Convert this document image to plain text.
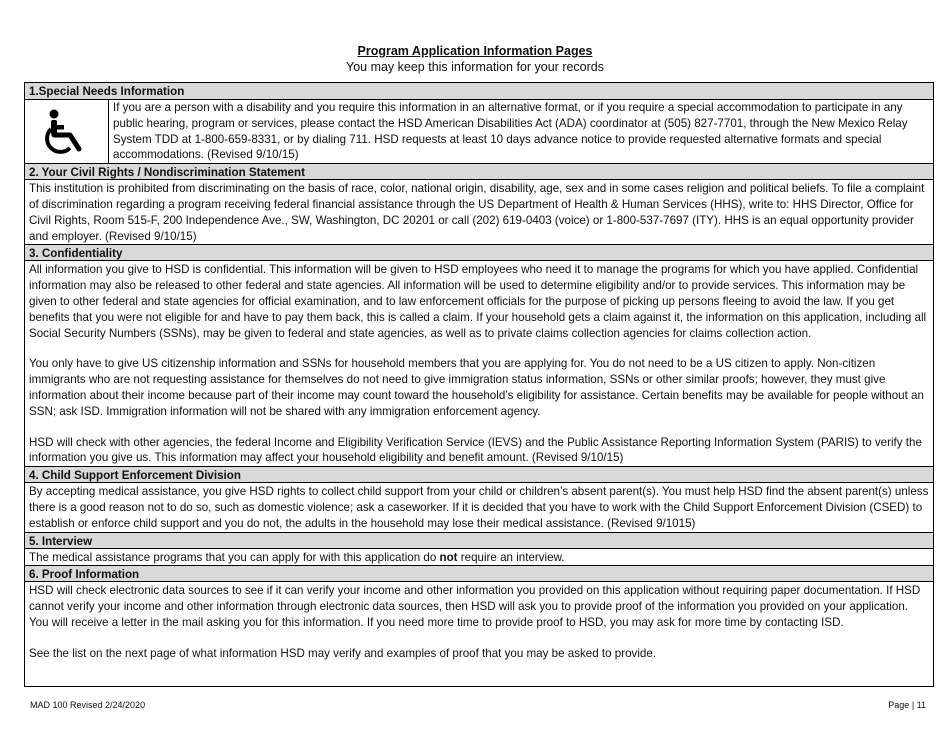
Program Application Information Pages
You may keep this information for your records
1.Special Needs Information
If you are a person with a disability and you require this information in an alternative format, or if you require a special accommodation to participate in any public hearing, program or services, please contact the HSD American Disabilities Act (ADA) coordinator at (505) 827-7701, through the New Mexico Relay System TDD at 1-800-659-8331, or by dialing 711. HSD requests at least 10 days advance notice to provide requested alternative formats and special accommodations. (Revised 9/10/15)
2. Your Civil Rights / Nondiscrimination Statement

This institution is prohibited from discriminating on the basis of race, color, national origin, disability, age, sex and in some cases religion and political beliefs. To file a complaint of discrimination regarding a program receiving federal financial assistance through the US Department of Health & Human Services (HHS), write to: HHS Director, Office for Civil Rights, Room 515-F, 200 Independence Ave., SW, Washington, DC 20201 or call (202) 619-0403 (voice) or 1-800-537-7697 (ITY). HHS is an equal opportunity provider and employer. (Revised 9/10/15)

3. Confidentiality

All information you give to HSD is confidential. This information will be given to HSD employees who need it to manage the programs for which you have applied. Confidential information may also be released to other federal and state agencies. All information will be used to determine eligibility and/or to provide services. This information may be given to other federal and state agencies for official examination, and to law enforcement officials for the purpose of picking up persons fleeing to avoid the law. If you get benefits that you were not eligible for and have to pay them back, this is called a claim. If your household gets a claim against it, the information on this application, including all Social Security Numbers (SSNs), may be given to federal and state agencies, as well as to private claims collection agencies for claims collection action.

You only have to give US citizenship information and SSNs for household members that you are applying for. You do not need to be a US citizen to apply. Non-citizen immigrants who are not requesting assistance for themselves do not need to give immigration status information, SSNs or other similar proofs; however, they must give information about their income because part of their income may count toward the household’s eligibility for assistance. Certain benefits may be available for people without an SSN; ask ISD. Immigration information will not be shared with any immigration enforcement agency.

HSD will check with other agencies, the federal Income and Eligibility Verification Service (IEVS) and the Public Assistance Reporting Information System (PARIS) to verify the information you give us. This information may affect your household eligibility and benefit amount. (Revised 9/10/15)

4. Child Support Enforcement Division

By accepting medical assistance, you give HSD rights to collect child support from your child or children’s absent parent(s). You must help HSD find the absent parent(s) unless there is a good reason not to do so, such as domestic violence; ask a caseworker. If it is decided that you have to work with the Child Support Enforcement Division (CSED) to establish or enforce child support and you do not, the adults in the household may lose their medical assistance. (Revised 9/1015)

5. Interview

The medical assistance programs that you can apply for with this application do not require an interview.

6. Proof Information

HSD will check electronic data sources to see if it can verify your income and other information you provided on this application without requiring paper documentation. If HSD cannot verify your income and other information through electronic data sources, then HSD will ask you to provide proof of the information you provided on your application. You will receive a letter in the mail asking you for this information. If you need more time to provide proof to HSD, you may ask for more time by contacting ISD.

See the list on the next page of what information HSD may verify and examples of proof that you may be asked to provide.

MAD 100 Revised 2/24/2020	Page | 11
